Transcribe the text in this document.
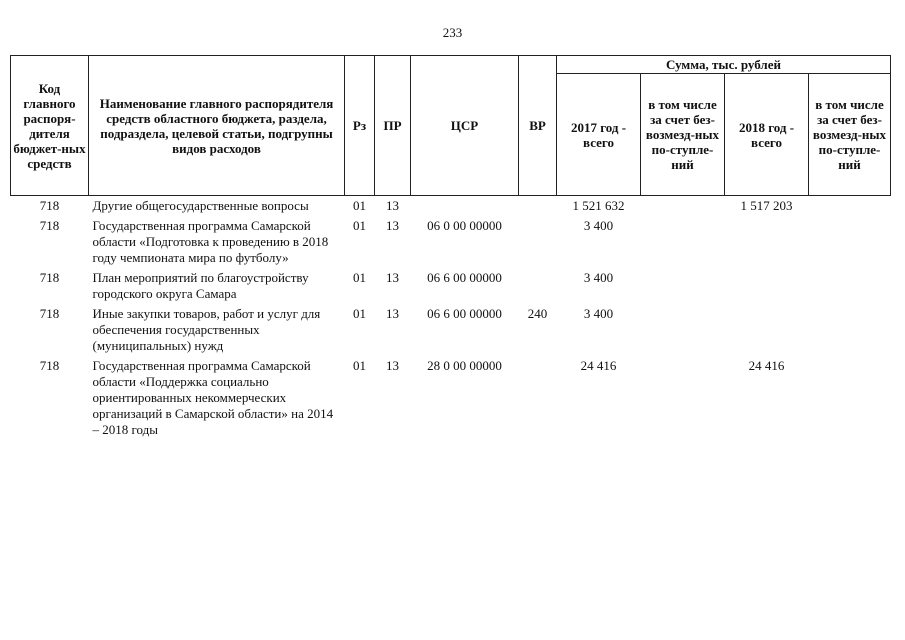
233
Код главного распоря-дителя бюджет-ных средств	Наименование главного распорядителя средств областного бюджета, раздела, подраздела, целевой статьи, подгрупны видов расходов	Рз	ПР	ЦСР	ВР	Сумма, тыс. рублей			
						2017 год - всего	в том числе за счет без-возмезд-ных по-ступле-ний	2018 год - всего	в том числе за счет без-возмезд-ных по-ступле-ний
718	Другие общегосударственные вопросы	01	13			1 521 632		1 517 203	
718	Государственная программа Самарской области «Подготовка к проведению в 2018 году чемпионата мира по футболу»	01	13	06 0 00 00000		3 400			
718	План мероприятий по благоустройству городского округа Самара	01	13	06 6 00 00000		3 400			
718	Иные закупки товаров, работ и услуг для обеспечения государственных (муниципальных) нужд	01	13	06 6 00 00000	240	3 400			
718	Государственная программа Самарской области «Поддержка социально ориентированных некоммерческих организаций в Самарской области» на 2014 – 2018 годы	01	13	28 0 00 00000		24 416		24 416	
